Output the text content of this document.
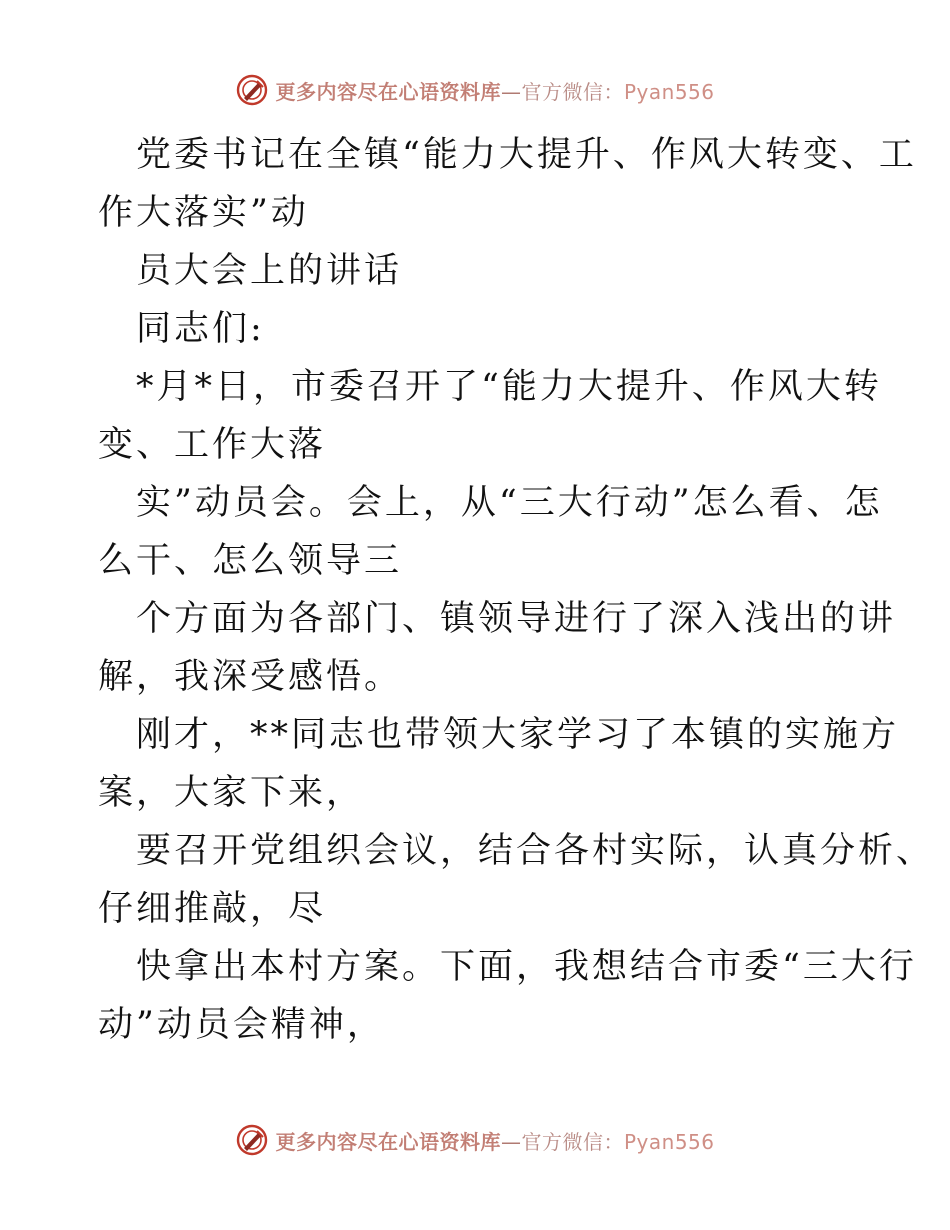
更多内容尽在心语资料库—官方微信：Pyan556
党委书记在全镇“能力大提升、作风大转变、工
作大落实”动
员大会上的讲话
同志们:
*月*日，市委召开了“能力大提升、作风大转
变、工作大落
实”动员会。会上，从“三大行动”怎么看、怎
么干、怎么领导三
个方面为各部门、镇领导进行了深入浅出的讲
解，我深受感悟。
刚才，**同志也带领大家学习了本镇的实施方
案，大家下来，
要召开党组织会议，结合各村实际，认真分析、
仔细推敲，尽
快拿出本村方案。下面，我想结合市委“三大行
动”动员会精神，
更多内容尽在心语资料库—官方微信：Pyan556
